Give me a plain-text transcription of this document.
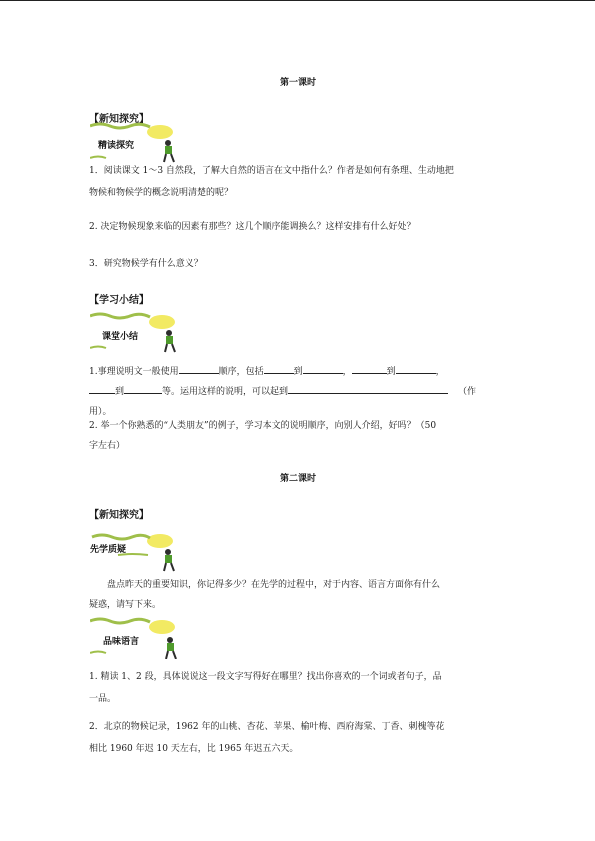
第一课时
【新知探究】
精读探究
1．阅读课文 1～3 自然段，了解大自然的语言在文中指什么？作者是如何有条理、生动地把
物候和物候学的概念说明清楚的呢？
2. 决定物候现象来临的因素有那些？这几个顺序能调换么？这样安排有什么好处？
3．研究物候学有什么意义？
【学习小结】
课堂小结
1.事理说明文一般使用	顺序，包括	到	，	到	，
到	等。运用这样的说明，可以起到	（作
用）。
2. 举一个你熟悉的“人类朋友”的例子，学习本文的说明顺序，向别人介绍，好吗？（50
字左右）
第二课时
【新知探究】
先学质疑
盘点昨天的重要知识，你记得多少？在先学的过程中，对于内容、语言方面你有什么
疑惑，请写下来。
品味语言
1. 精读 1、2 段，具体说说这一段文字写得好在哪里？找出你喜欢的一个词或者句子，品
一品。
2．北京的物候记录，1962 年的山桃、杏花、苹果、榆叶梅、西府海棠、丁香、刺槐等花
相比 1960 年迟 10 天左右，比 1965 年迟五六天。
